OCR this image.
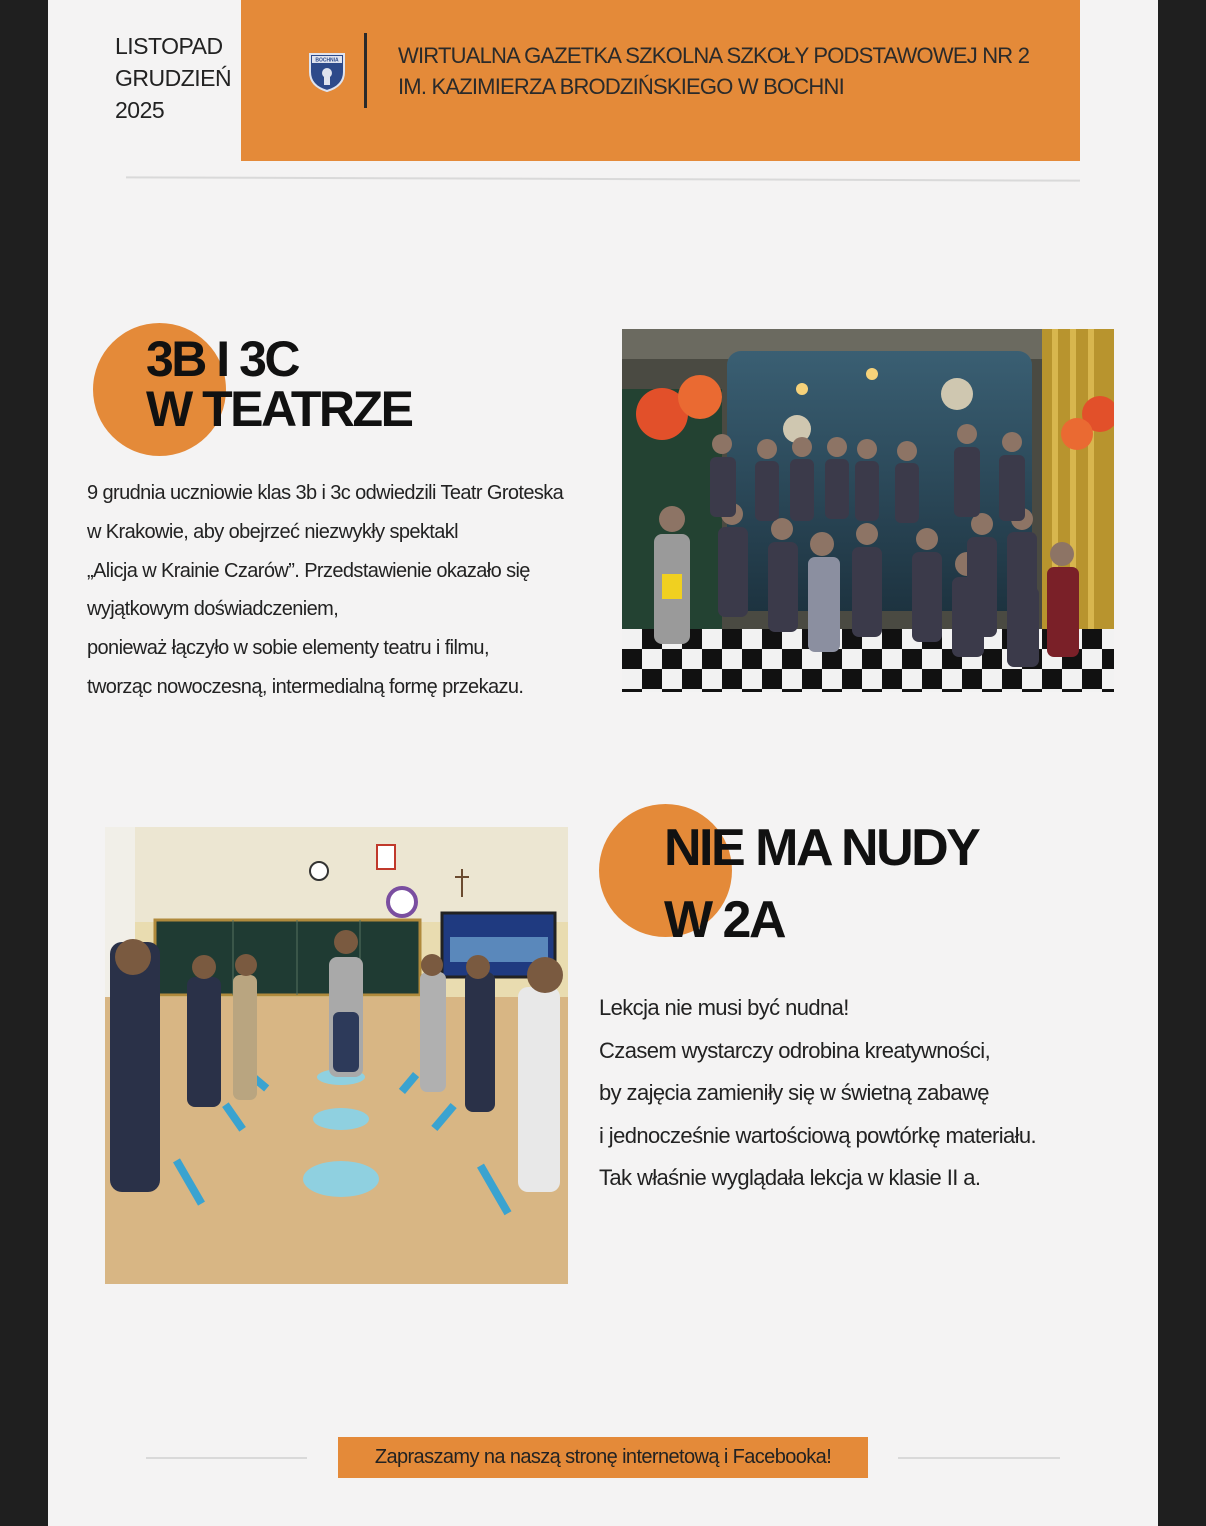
LISTOPAD
GRUDZIEŃ
2025
BOCHNIA	WIRTUALNA GAZETKA SZKOLNA SZKOŁY PODSTAWOWEJ NR 2
IM. KAZIMIERZA BRODZIŃSKIEGO W BOCHNI
3B I 3C
W TEATRZE
9 grudnia uczniowie klas 3b i 3c odwiedzili Teatr Groteska
w Krakowie, aby obejrzeć niezwykły spektakl
„Alicja w Krainie Czarów”. Przedstawienie okazało się
wyjątkowym doświadczeniem,
ponieważ łączyło w sobie elementy teatru i filmu,
tworząc nowoczesną, intermedialną formę przekazu.
NIE MA NUDY
W 2A
Lekcja nie musi być nudna!
Czasem wystarczy odrobina kreatywności,
by zajęcia zamieniły się w świetną zabawę
i jednocześnie wartościową powtórkę materiału.
Tak właśnie wyglądała lekcja w klasie II a.
Zapraszamy na naszą stronę internetową i Facebooka!
